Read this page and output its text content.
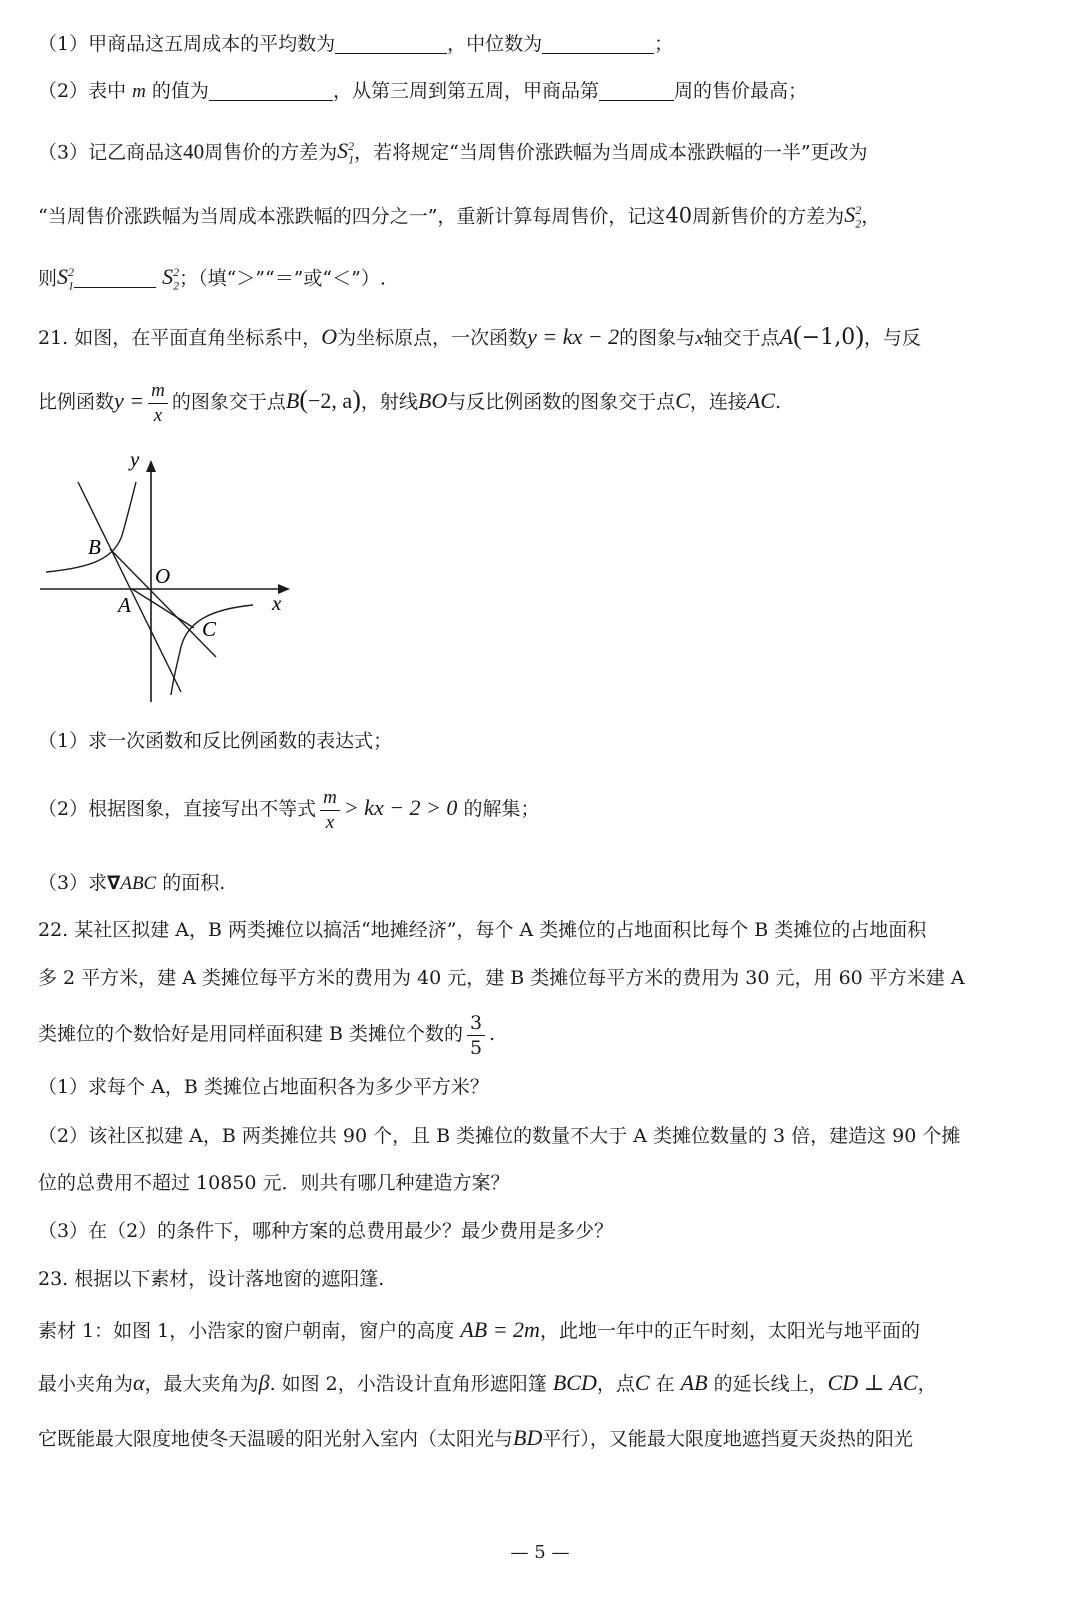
（1）甲商品这五周成本的平均数为	，中位数为	；
（2）表中 m 的值为	，从第三周到第五周，甲商品第	周的售价最高；
（3）记乙商品这40周售价的方差为$S_1^2$，若将规定“当周售价涨跌幅为当周成本涨跌幅的一半”更改为
“当周售价涨跌幅为当周成本涨跌幅的四分之一”，重新计算每周售价，记这40周新售价的方差为$S_2^2$，
则$S_1^2$	$S_2^2$；（填“＞”“＝”或“＜”）.
21. 如图，在平面直角坐标系中，O为坐标原点，一次函数y = kx − 2的图象与x轴交于点A(−1,0)，与反
比例函数$y = \frac{m}{x}$ 的图象交于点B(−2, a)，射线BO与反比例函数的图象交于点C，连接AC.
y
x
O
A
B
C
（1）求一次函数和反比例函数的表达式；
（2）根据图象，直接写出不等式 $\frac{m}{x}$ > kx − 2 > 0 的解集；
（3）求∇ABC 的面积.
22. 某社区拟建 A，B 两类摊位以搞活“地摊经济”，每个 A 类摊位的占地面积比每个 B 类摊位的占地面积
多 2 平方米，建 A 类摊位每平方米的费用为 40 元，建 B 类摊位每平方米的费用为 30 元，用 60 平方米建 A
类摊位的个数恰好是用同样面积建 B 类摊位个数的 $\frac{3}{5}$ .
（1）求每个 A，B 类摊位占地面积各为多少平方米？
（2）该社区拟建 A，B 两类摊位共 90 个，且 B 类摊位的数量不大于 A 类摊位数量的 3 倍，建造这 90 个摊
位的总费用不超过 10850 元．则共有哪几种建造方案？
（3）在（2）的条件下，哪种方案的总费用最少？最少费用是多少？
23. 根据以下素材，设计落地窗的遮阳篷.
素材 1：如图 1，小浩家的窗户朝南，窗户的高度 AB = 2m，此地一年中的正午时刻，太阳光与地平面的
最小夹角为α，最大夹角为β. 如图 2，小浩设计直角形遮阳篷 BCD，点C 在 AB 的延长线上，CD ⊥ AC，
它既能最大限度地使冬天温暖的阳光射入室内（太阳光与BD平行），又能最大限度地遮挡夏天炎热的阳光
— 5 —
